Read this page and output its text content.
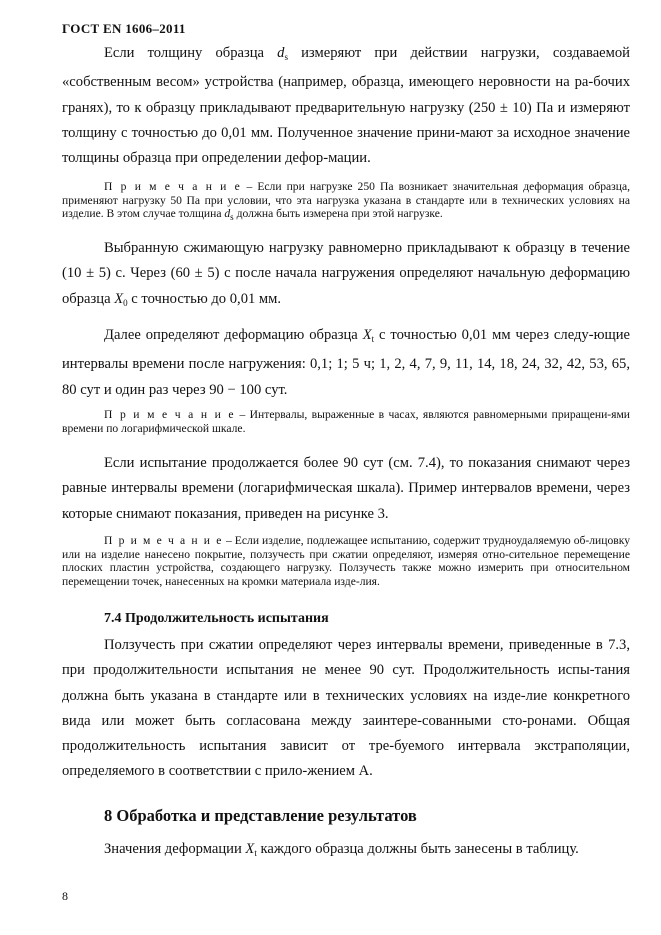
ГОСТ EN 1606–2011

Если толщину образца $d_s$ измеряют при действии нагрузки, создаваемой «собственным весом» устройства (например, образца, имеющего неровности на ра-бочих гранях), то к образцу прикладывают предварительную нагрузку (250 ± 10) Па и измеряют толщину с точностью до 0,01 мм. Полученное значение прини-мают за исходное значение толщины образца при определении дефор-мации.

П р и м е ч а н и е – Если при нагрузке 250 Па возникает значительная деформация образца, применяют нагрузку 50 Па при условии, что эта нагрузка указана в стандарте или в технических условиях на изделие. В этом случае толщина $d_s$ должна быть измерена при этой нагрузке.

Выбранную сжимающую нагрузку равномерно прикладывают к образцу в течение (10 ± 5) с. Через (60 ± 5) с после начала нагружения определяют начальную деформацию образца $X_0$ с точностью до 0,01 мм.

Далее определяют деформацию образца $X_t$ с точностью 0,01 мм через следу-ющие интервалы времени после нагружения: 0,1; 1; 5 ч; 1, 2, 4, 7, 9, 11, 14, 18, 24, 32, 42, 53, 65, 80 сут и один раз через 90 − 100 сут.

П р и м е ч а н и е – Интервалы, выраженные в часах, являются равномерными приращени-ями времени по логарифмической шкале.

Если испытание продолжается более 90 сут (см. 7.4), то показания снимают через равные интервалы времени (логарифмическая шкала). Пример интервалов времени, через которые снимают показания, приведен на рисунке 3.

П р и м е ч а н и е – Если изделие, подлежащее испытанию, содержит трудноудаляемую об-лицовку или на изделие нанесено покрытие, ползучесть при сжатии определяют, измеряя отно-сительное перемещение плоских пластин устройства, создающего нагрузку. Ползучесть также можно измерить при относительном перемещении точек, нанесенных на кромки материала изде-лия.

7.4 Продолжительность испытания

Ползучесть при сжатии определяют через интервалы времени, приведенные в 7.3, при продолжительности испытания не менее 90 сут. Продолжительность испы-тания должна быть указана в стандарте или в технических условиях на изде-лие конкретного вида или может быть согласована между заинтере-сованными сто-ронами. Общая продолжительность испытания зависит от тре-буемого интервала экстраполяции, определяемого в соответствии с прило-жением А.

8 Обработка и представление результатов

Значения деформации $X_t$ каждого образца должны быть занесены в таблицу.

8
